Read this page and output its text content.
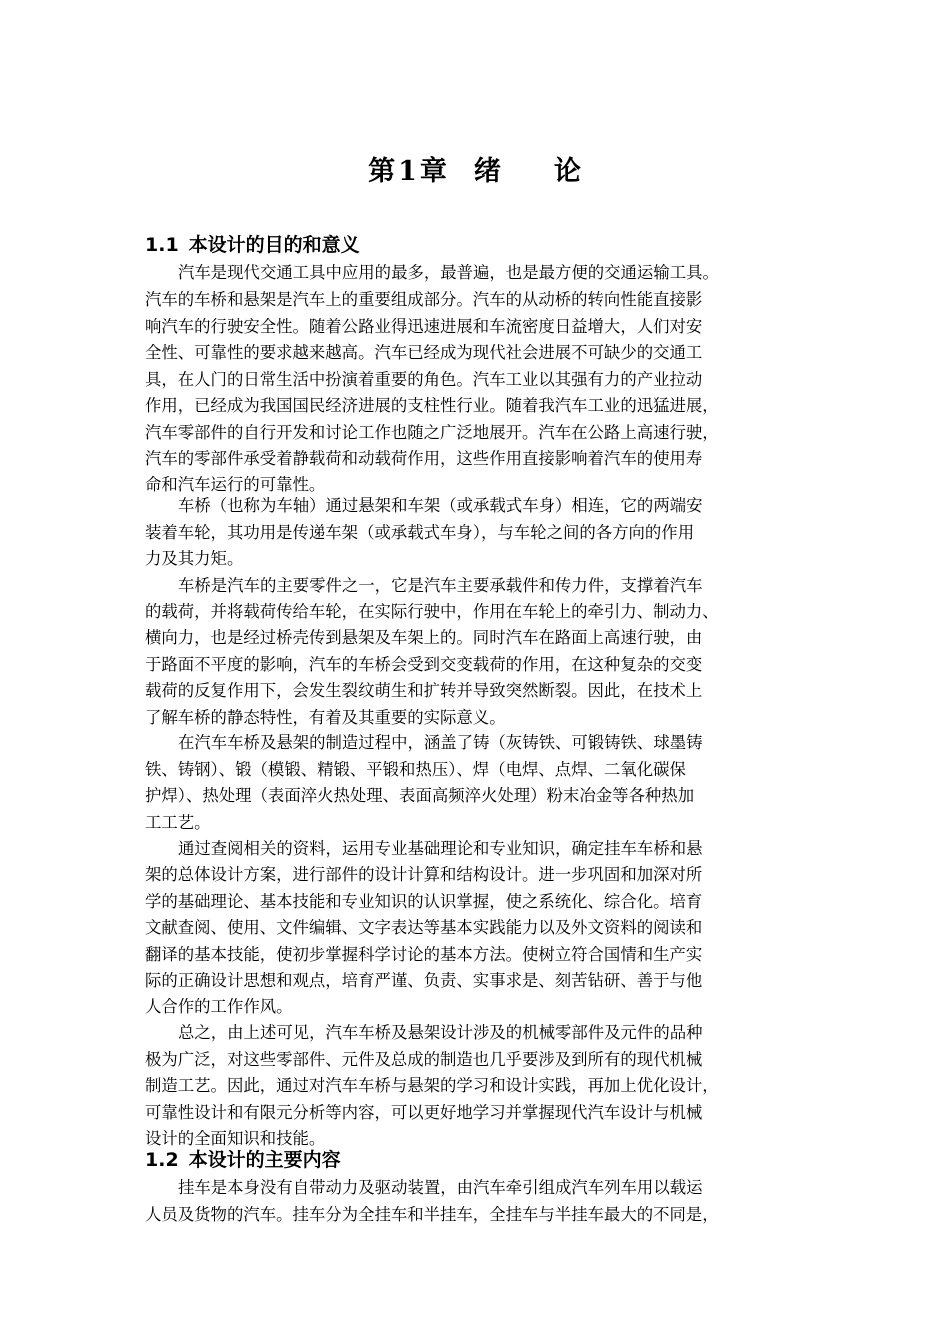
第1章 绪 论
1.1 本设计的目的和意义

汽车是现代交通工具中应用的最多，最普遍，也是最方便的交通运输工具。

汽车的车桥和悬架是汽车上的重要组成部分。汽车的从动桥的转向性能直接影

响汽车的行驶安全性。随着公路业得迅速进展和车流密度日益增大，人们对安

全性、可靠性的要求越来越高。汽车已经成为现代社会进展不可缺少的交通工

具，在人门的日常生活中扮演着重要的角色。汽车工业以其强有力的产业拉动

作用，已经成为我国国民经济进展的支柱性行业。随着我汽车工业的迅猛进展，

汽车零部件的自行开发和讨论工作也随之广泛地展开。汽车在公路上高速行驶，

汽车的零部件承受着静载荷和动载荷作用，这些作用直接影响着汽车的使用寿

命和汽车运行的可靠性。

车桥（也称为车轴）通过悬架和车架（或承载式车身）相连，它的两端安

装着车轮，其功用是传递车架（或承载式车身），与车轮之间的各方向的作用

力及其力矩。

车桥是汽车的主要零件之一，它是汽车主要承载件和传力件，支撑着汽车

的载荷，并将载荷传给车轮，在实际行驶中，作用在车轮上的牵引力、制动力、

横向力，也是经过桥壳传到悬架及车架上的。同时汽车在路面上高速行驶，由

于路面不平度的影响，汽车的车桥会受到交变载荷的作用，在这种复杂的交变

载荷的反复作用下，会发生裂纹萌生和扩转并导致突然断裂。因此，在技术上

了解车桥的静态特性，有着及其重要的实际意义。

在汽车车桥及悬架的制造过程中，涵盖了铸（灰铸铁、可锻铸铁、球墨铸

铁、铸钢）、锻（模锻、精锻、平锻和热压）、焊（电焊、点焊、二氧化碳保

护焊）、热处理（表面淬火热处理、表面高频淬火处理）粉末冶金等各种热加

工工艺。

通过查阅相关的资料，运用专业基础理论和专业知识，确定挂车车桥和悬

架的总体设计方案，进行部件的设计计算和结构设计。进一步巩固和加深对所

学的基础理论、基本技能和专业知识的认识掌握，使之系统化、综合化。培育

文献查阅、使用、文件编辑、文字表达等基本实践能力以及外文资料的阅读和

翻译的基本技能，使初步掌握科学讨论的基本方法。使树立符合国情和生产实

际的正确设计思想和观点，培育严谨、负责、实事求是、刻苦钻研、善于与他

人合作的工作作风。

总之，由上述可见，汽车车桥及悬架设计涉及的机械零部件及元件的品种

极为广泛，对这些零部件、元件及总成的制造也几乎要涉及到所有的现代机械

制造工艺。因此，通过对汽车车桥与悬架的学习和设计实践，再加上优化设计，

可靠性设计和有限元分析等内容，可以更好地学习并掌握现代汽车设计与机械

设计的全面知识和技能。

1.2 本设计的主要内容

挂车是本身没有自带动力及驱动装置，由汽车牵引组成汽车列车用以载运

人员及货物的汽车。挂车分为全挂车和半挂车，全挂车与半挂车最大的不同是，
